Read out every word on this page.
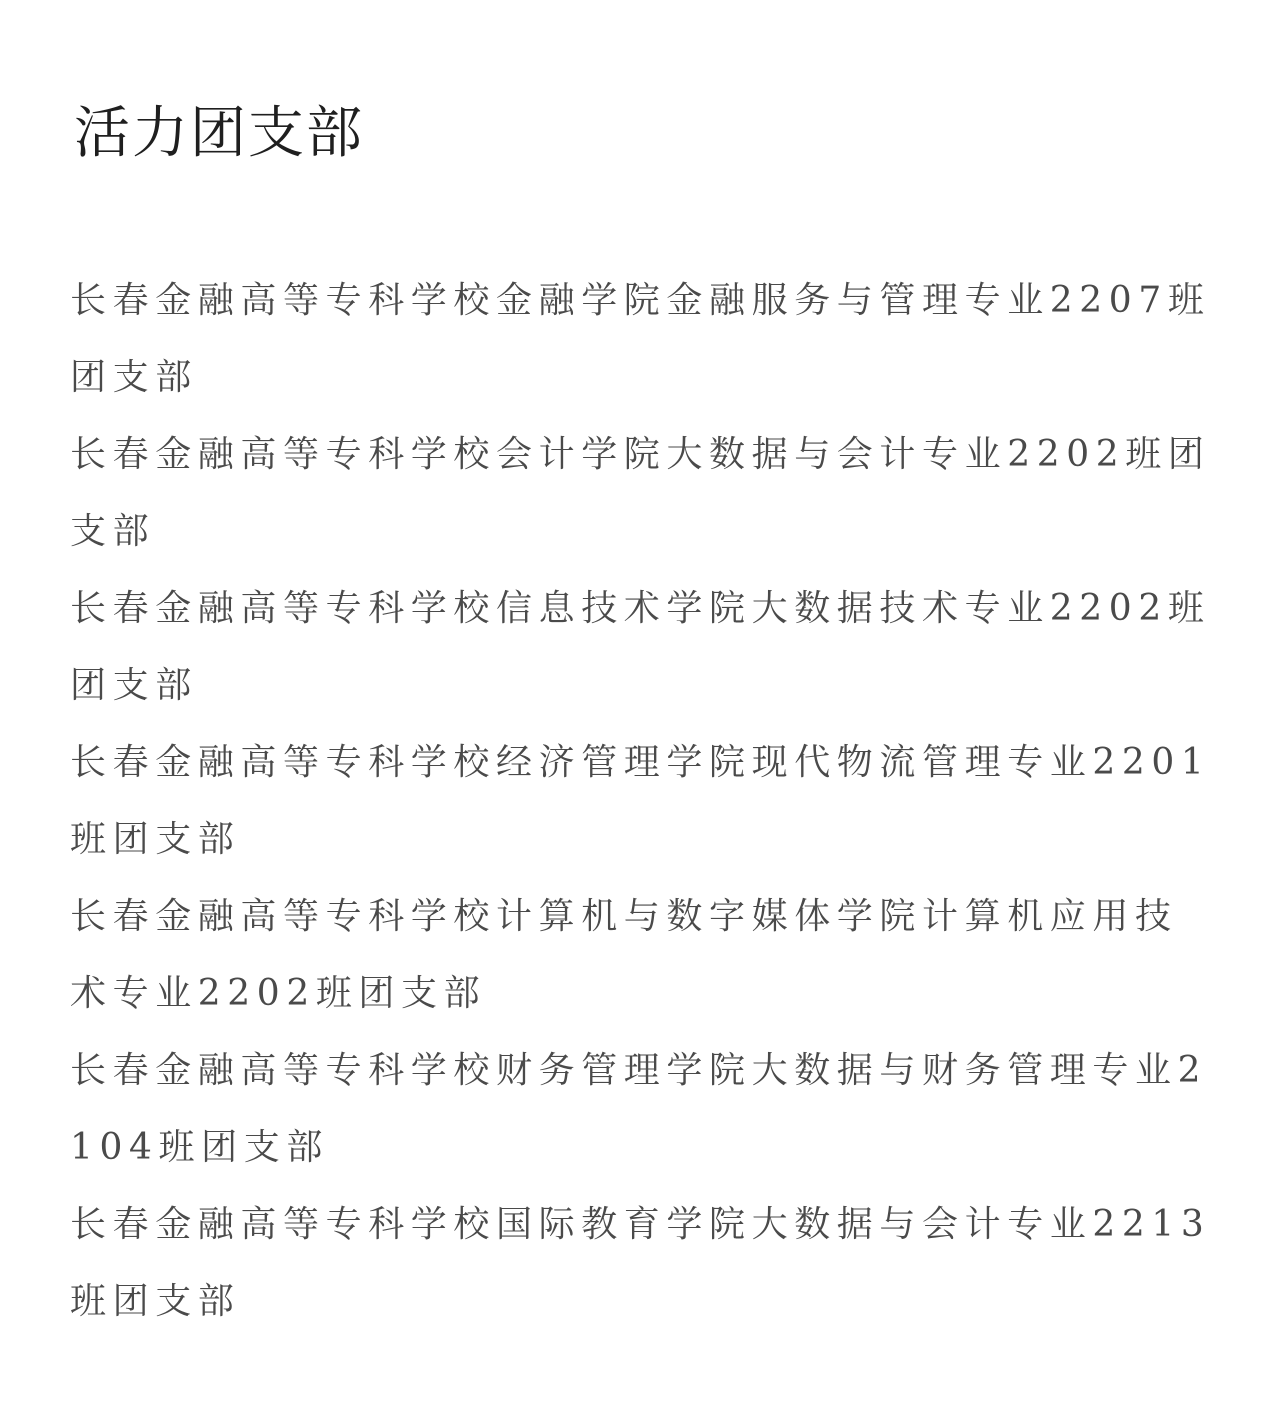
活力团支部
长春金融高等专科学校金融学院金融服务与管理专业2207班团支部
长春金融高等专科学校会计学院大数据与会计专业2202班团支部
长春金融高等专科学校信息技术学院大数据技术专业2202班团支部
长春金融高等专科学校经济管理学院现代物流管理专业2201班团支部
长春金融高等专科学校计算机与数字媒体学院计算机应用技术专业2202班团支部
长春金融高等专科学校财务管理学院大数据与财务管理专业2104班团支部
长春金融高等专科学校国际教育学院大数据与会计专业2213班团支部
